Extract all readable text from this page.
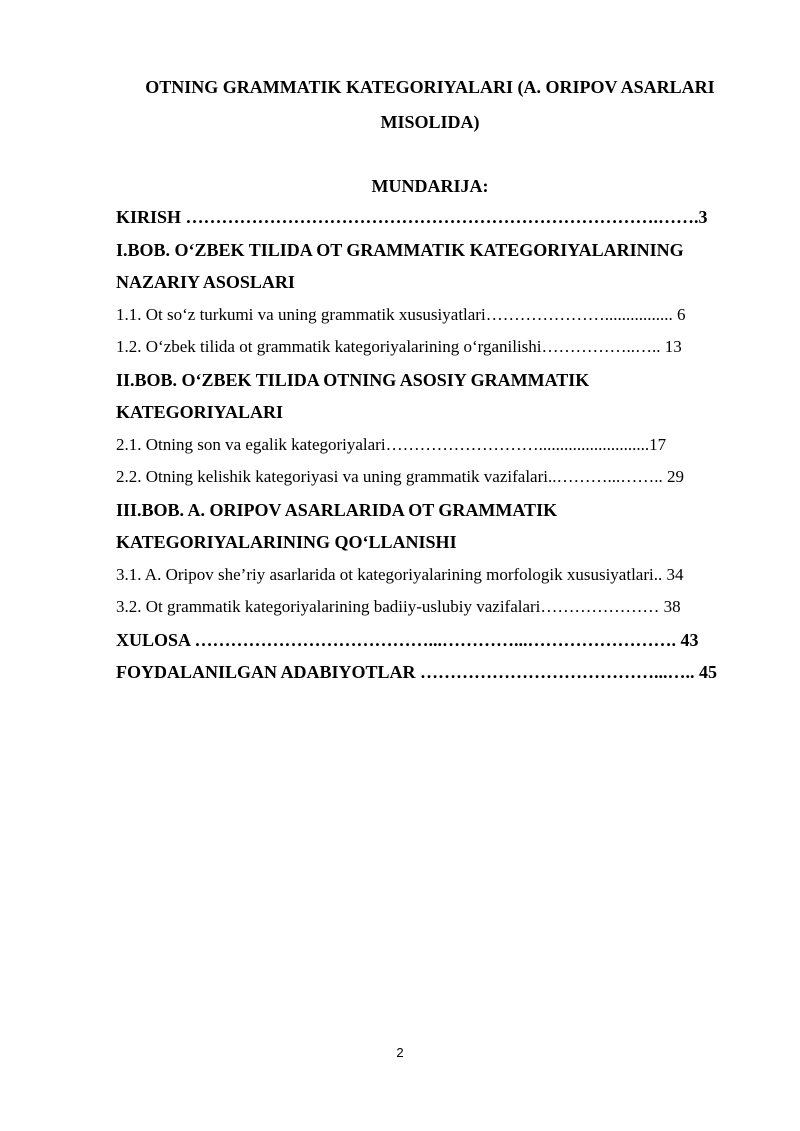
OTNING GRAMMATIK KATEGORIYALARI (A. ORIPOV ASARLARI MISOLIDA)
MUNDARIJA:
KIRISH …………………………………………………………………….…….3
I.BOB. O‘ZBEK TILIDA OT GRAMMATIK KATEGORIYALARINING
NAZARIY ASOSLARI
1.1. Ot so‘z turkumi va uning grammatik xususiyatlari…………………................ 6
1.2. O‘zbek tilida ot grammatik kategoriyalarining o‘rganilishi……………..….. 13
II.BOB. O‘ZBEK TILIDA OTNING ASOSIY GRAMMATIK
KATEGORIYALARI
2.1. Otning son va egalik kategoriyalari………………………..........................17
2.2. Otning kelishik kategoriyasi va uning grammatik vazifalari..………...…….. 29
III.BOB. A. ORIPOV ASARLARIDA OT GRAMMATIK
KATEGORIYALARINING QO‘LLANISHI
3.1. A. Oripov she’riy asarlarida ot kategoriyalarining morfologik xususiyatlari.. 34
3.2. Ot grammatik kategoriyalarining badiiy-uslubiy vazifalari………………… 38
XULOSA …………………………………...…………...……………………. 43
FOYDALANILGAN ADABIYOTLAR …………………………………...….. 45
2
